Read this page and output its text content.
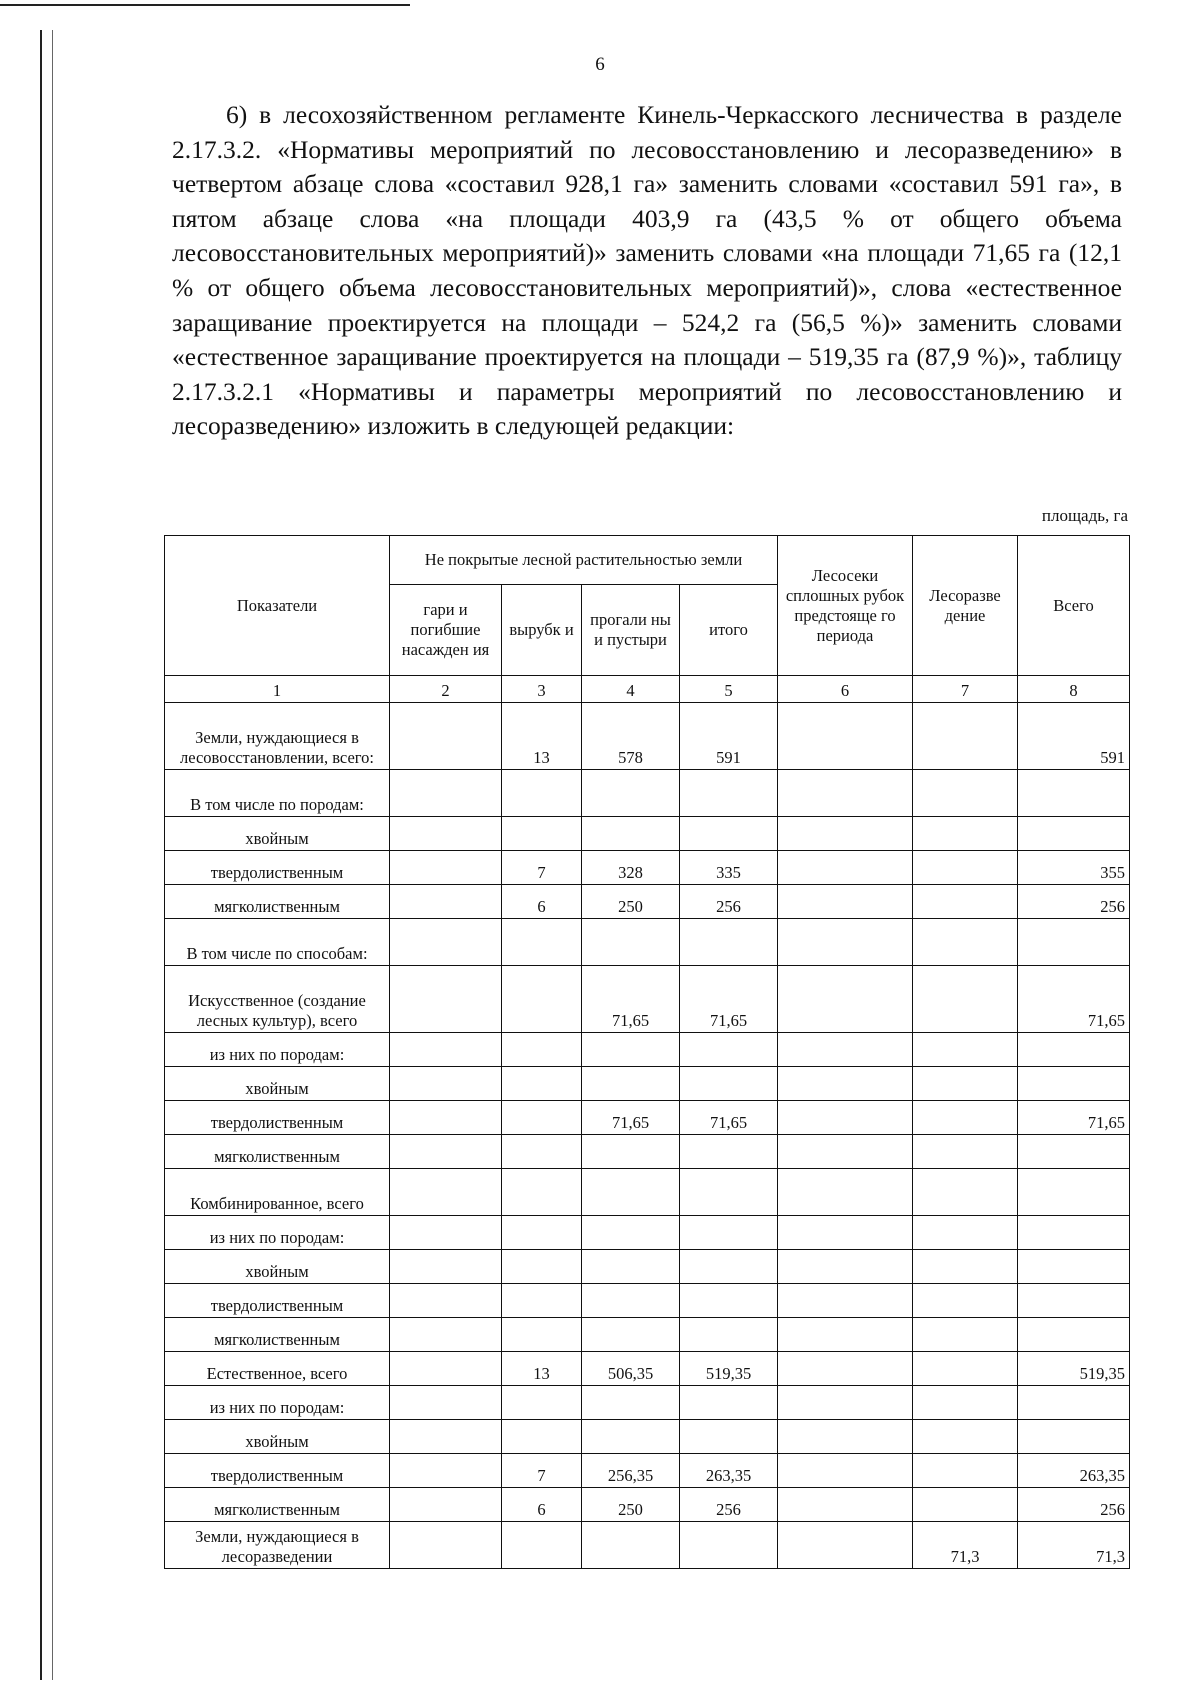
6

6) в лесохозяйственном регламенте Кинель-Черкасского лесничества в разделе 2.17.3.2. «Нормативы мероприятий по лесовосстановлению и лесоразведению» в четвертом абзаце слова «составил 928,1 га» заменить словами «составил 591 га», в пятом абзаце слова «на площади 403,9 га (43,5 % от общего объема лесовосстановительных мероприятий)» заменить словами «на площади 71,65 га (12,1 % от общего объема лесовосстановительных мероприятий)», слова «естественное заращивание проектируется на площади – 524,2 га (56,5 %)» заменить словами «естественное заращивание проектируется на площади – 519,35 га (87,9 %)», таблицу 2.17.3.2.1 «Нормативы и параметры мероприятий по лесовосстановлению и лесоразведению» изложить в следующей редакции:

площадь, га
Показатели	Не покрытые лесной растительностью земли				Лесосеки сплошных рубок предстояще го периода	Лесоразве дение	Всего
	гари и погибшие насажден ия	вырубк и	прогали ны и пустыри	итого			
1	2	3	4	5	6	7	8
Земли, нуждающиеся в лесовосстановлении, всего:		13	578	591			591
В том числе по породам:							
хвойным							
твердолиственным		7	328	335			355
мягколиственным		6	250	256			256
В том числе по способам:							
Искусственное (создание лесных культур), всего			71,65	71,65			71,65
из них по породам:							
хвойным							
твердолиственным			71,65	71,65			71,65
мягколиственным							
Комбинированное, всего							
из них по породам:							
хвойным							
твердолиственным							
мягколиственным							
Естественное, всего		13	506,35	519,35			519,35
из них по породам:							
хвойным							
твердолиственным		7	256,35	263,35			263,35
мягколиственным		6	250	256			256
Земли, нуждающиеся в лесоразведении						71,3	71,3
